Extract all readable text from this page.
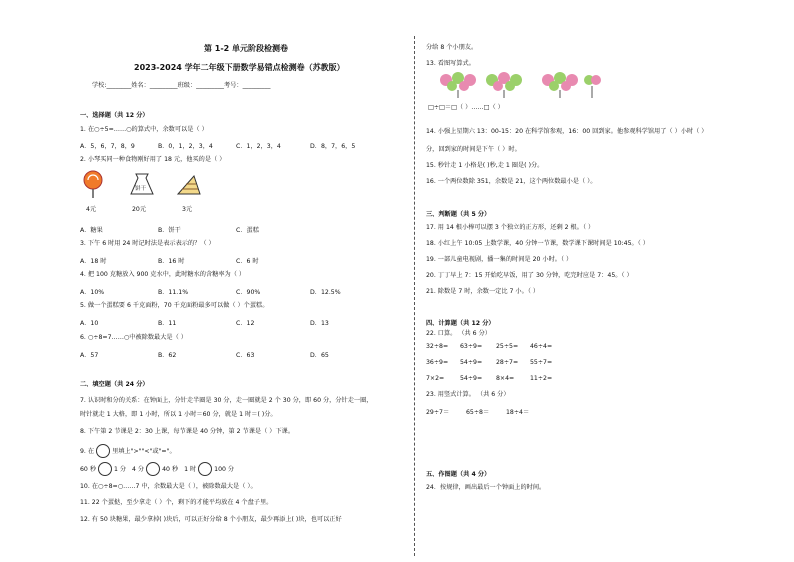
第 1-2 单元阶段检测卷
2023-2024 学年二年级下册数学易错点检测卷（苏教版）
学校:________姓名：_________班级：_________考号：_________
一、选择题（共 12 分）
1. 在○÷5=……○的算式中，余数可以是（ ）
A．5，6，7，8，9	B．0，1，2，3，4	C．1，2，3，4	D．8，7，6，5
2. 小琴买同一种食物刚好用了 18 元，他买的是（ ）
饼干
4元	20元	3元
A．糖果	B．饼干	C．蛋糕
3. 下午 6 时用 24 时记时法是表示表示的？（ ）
A．18 时	B．16 时	C．6 时
4. 把 100 克糖放入 900 克水中，此时糖水的含糖率为（ ）
A．10%	B．11.1%	C．90%	D．12.5%
5. 做一个蛋糕要 6 千克面粉，70 千克面粉最多可以做（ ）个蛋糕。
A．10	B．11	C．12	D．13
6. ○÷8=7……○中被除数最大是（ ）
A．57	B．62	C．63	D．65
二、填空题（共 24 分）
7. 认识时和分的关系：在钟面上，分针走半圈是 30 分，走一圈就是 2 个 30 分，即 60 分，分针走一圈，
时针就走 1 大格，即 1 小时，所以 1 小时＝60 分，就是 1 时＝( )分。
8. 下午第 2 节课是 2：30 上课，每节课是 40 分钟，第 2 节课是（ ）下课。
9. 在	里填上">""<"或"="。
60 秒	1 分 4 分	40 秒 1 时	100 分
10. 在○÷8=○……7 中，余数最大是（ ），被除数最大是（ ）。
11. 22 个蛋挞，至少拿走（ ）个，剩下的才能平均放在 4 个盘子里。
12. 有 50 块糖果，最少拿掉( )块后，可以正好分给 8 个小朋友，最少再添上( )块，也可以正好
分给 8 个小朋友。
13. 看图写算式。
□÷□＝□（ ）……□（ ）
14. 小强上星期六 13：00-15：20 在科学馆参观，16：00 回到家。他参观科学馆用了（ ）小时（ ）
分，回到家的时间是下午（ ）时。
15. 秒针走 1 小格是( )秒,走 1 圈是( )分。
16. 一个两位数除 351，余数是 21，这个两位数最小是（ ）。
三、判断题（共 5 分）
17. 用 14 根小棒可以摆 3 个独立的正方形，还剩 2 根。（ ）
18. 小红上午 10:05 上数学课，40 分钟一节课，数学课下课时间是 10:45。（ ）
19. 一部儿童电视剧，播一集的时间是 20 小时。（ ）
20. 丁丁早上 7：15 开始吃早饭，用了 30 分钟，吃完时应是 7：45。（ ）
21. 除数是 7 时，余数一定比 7 小。（ ）
四、计算题（共 12 分）
22. 口算。 （共 6 分）
32÷8= 63÷9= 25÷5= 46÷4=
36÷9= 54÷9= 28÷7= 55÷7=
7×2=	54÷9= 8×4=	11÷2=
23. 用竖式计算。 （共 6 分）
29÷7＝	65÷8＝	18÷4＝
五、作图题（共 4 分）
24．按规律，画出最后一个钟面上的时间。
